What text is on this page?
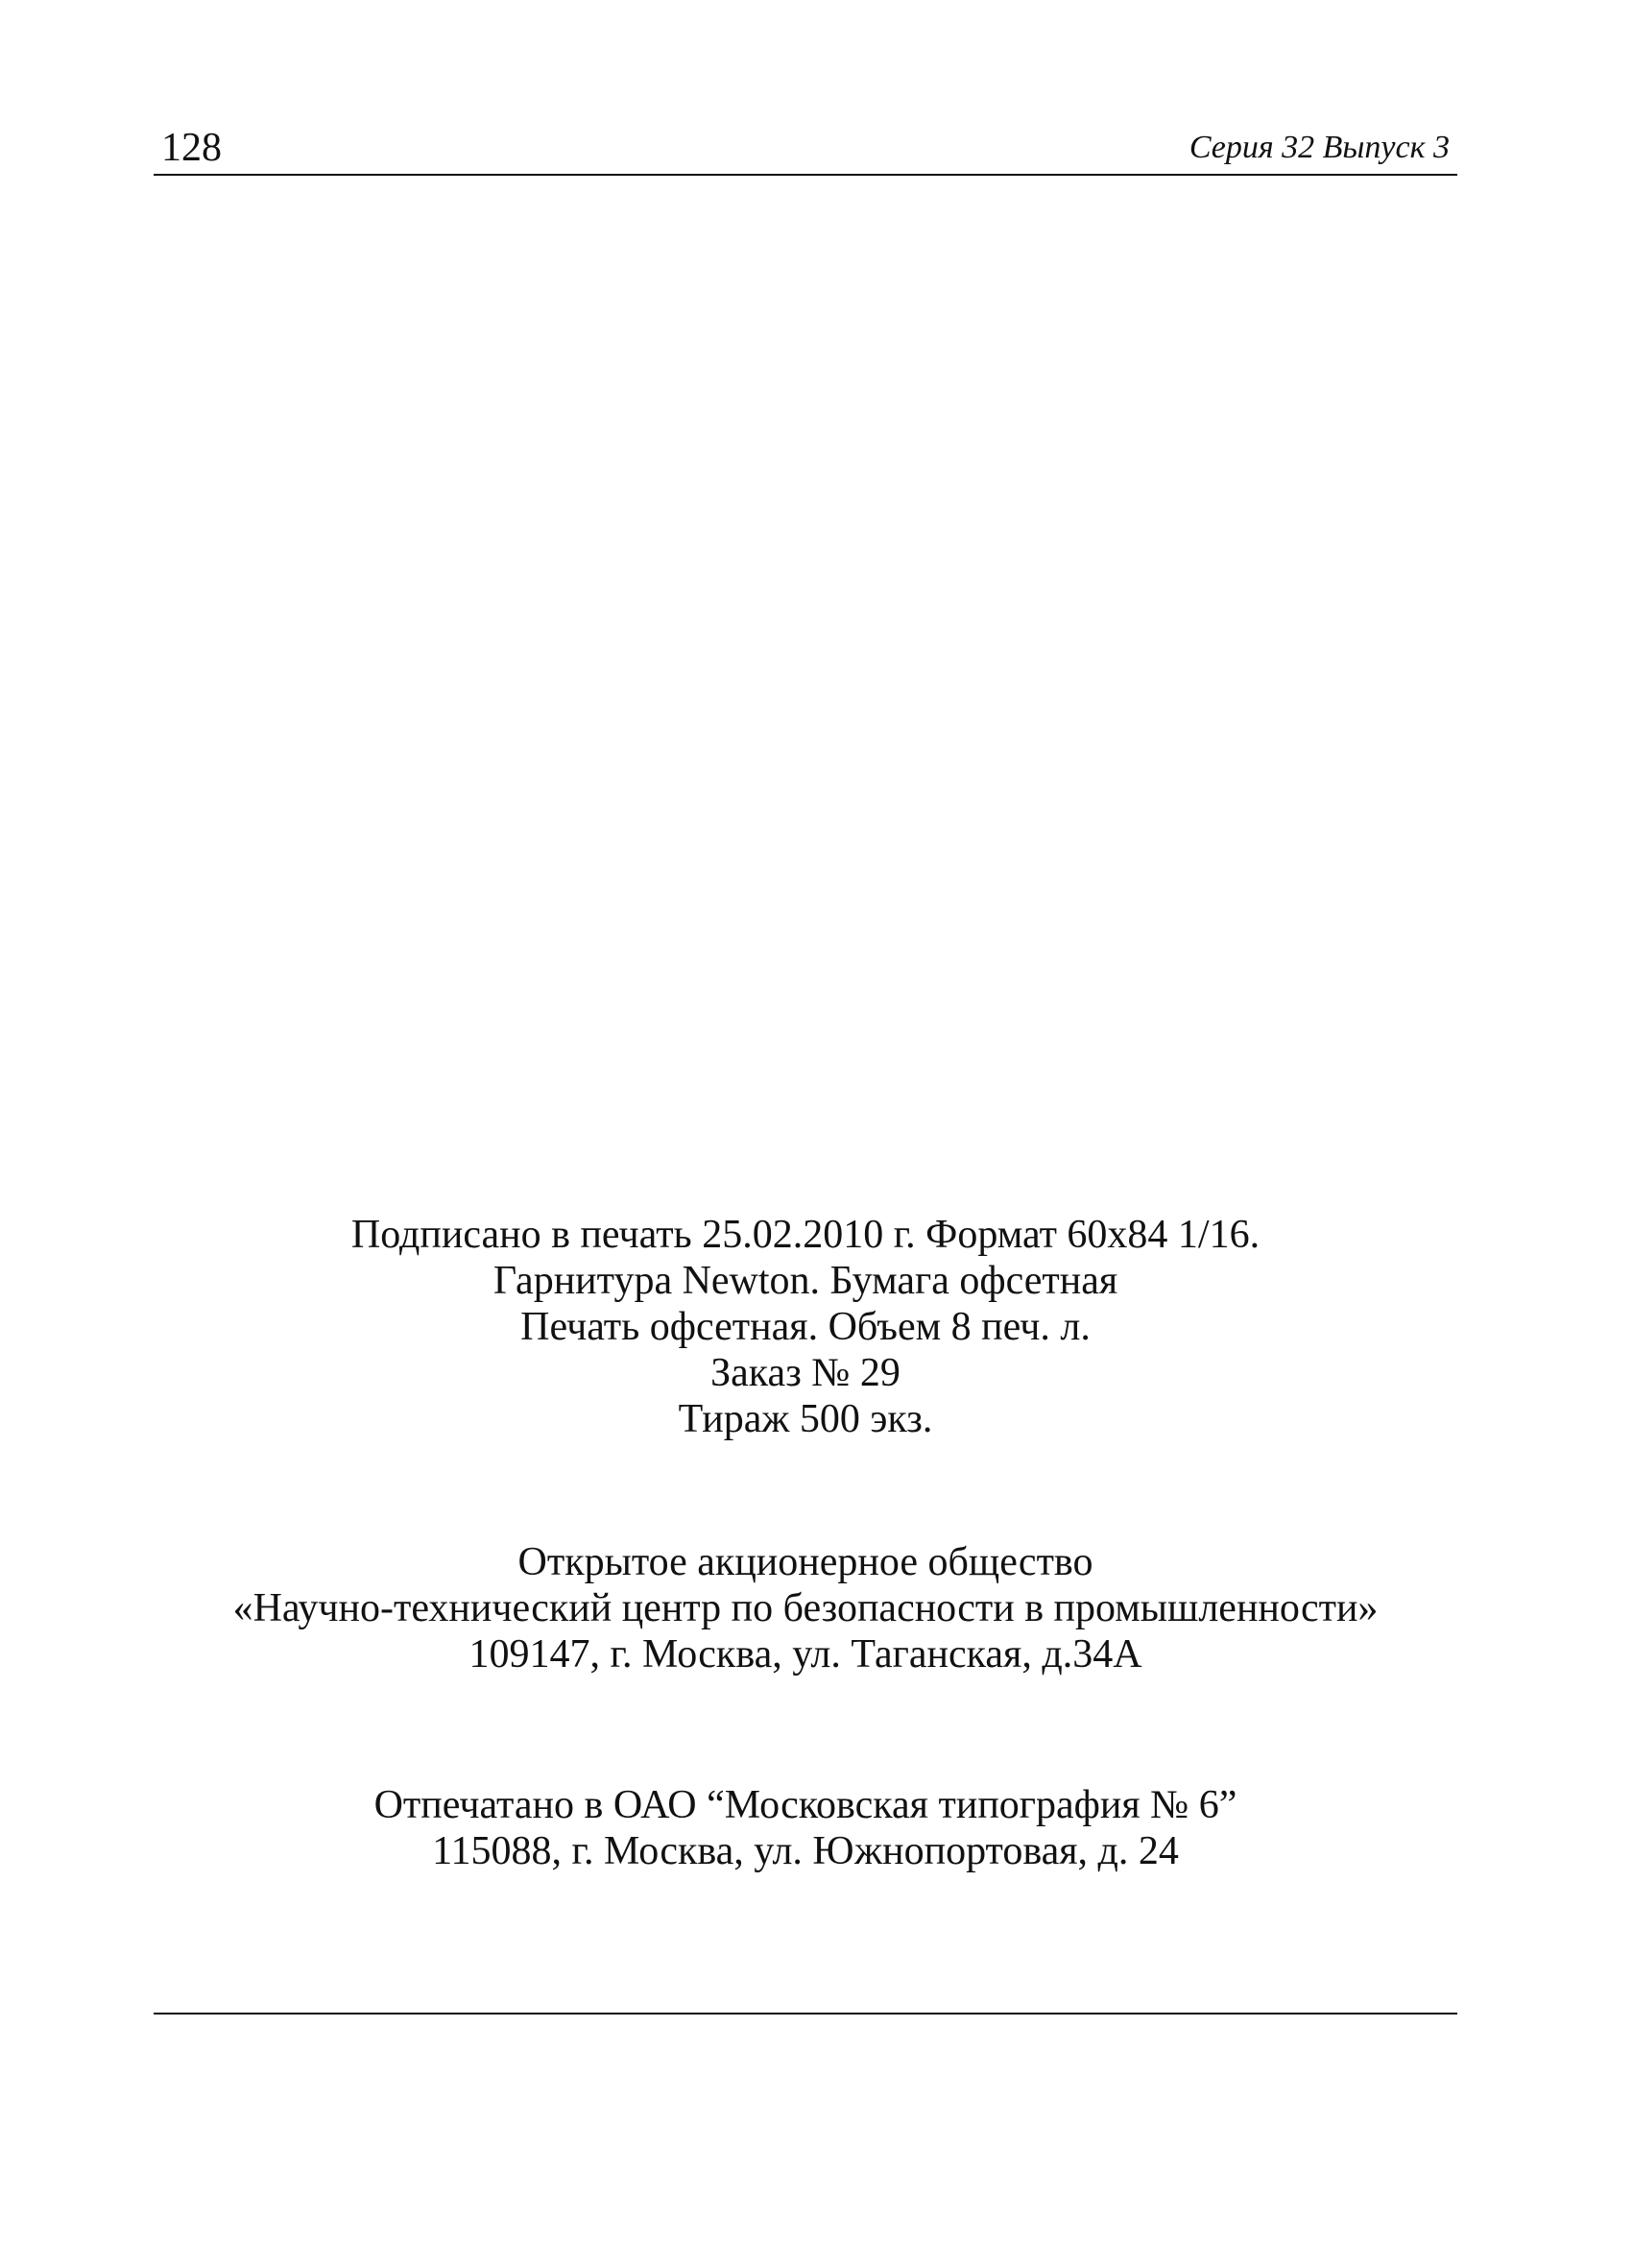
128	Серия 32 Выпуск 3
Подписано в печать 25.02.2010 г. Формат 60x84 1/16.
Гарнитура Newton. Бумага офсетная
Печать офсетная. Объем 8 печ. л.
Заказ № 29
Тираж 500 экз.
Открытое акционерное общество
«Научно-технический центр по безопасности в промышленности»
109147, г. Москва, ул. Таганская, д.34А
Отпечатано в ОАО “Московская типография № 6”
115088, г. Москва, ул. Южнопортовая, д. 24
